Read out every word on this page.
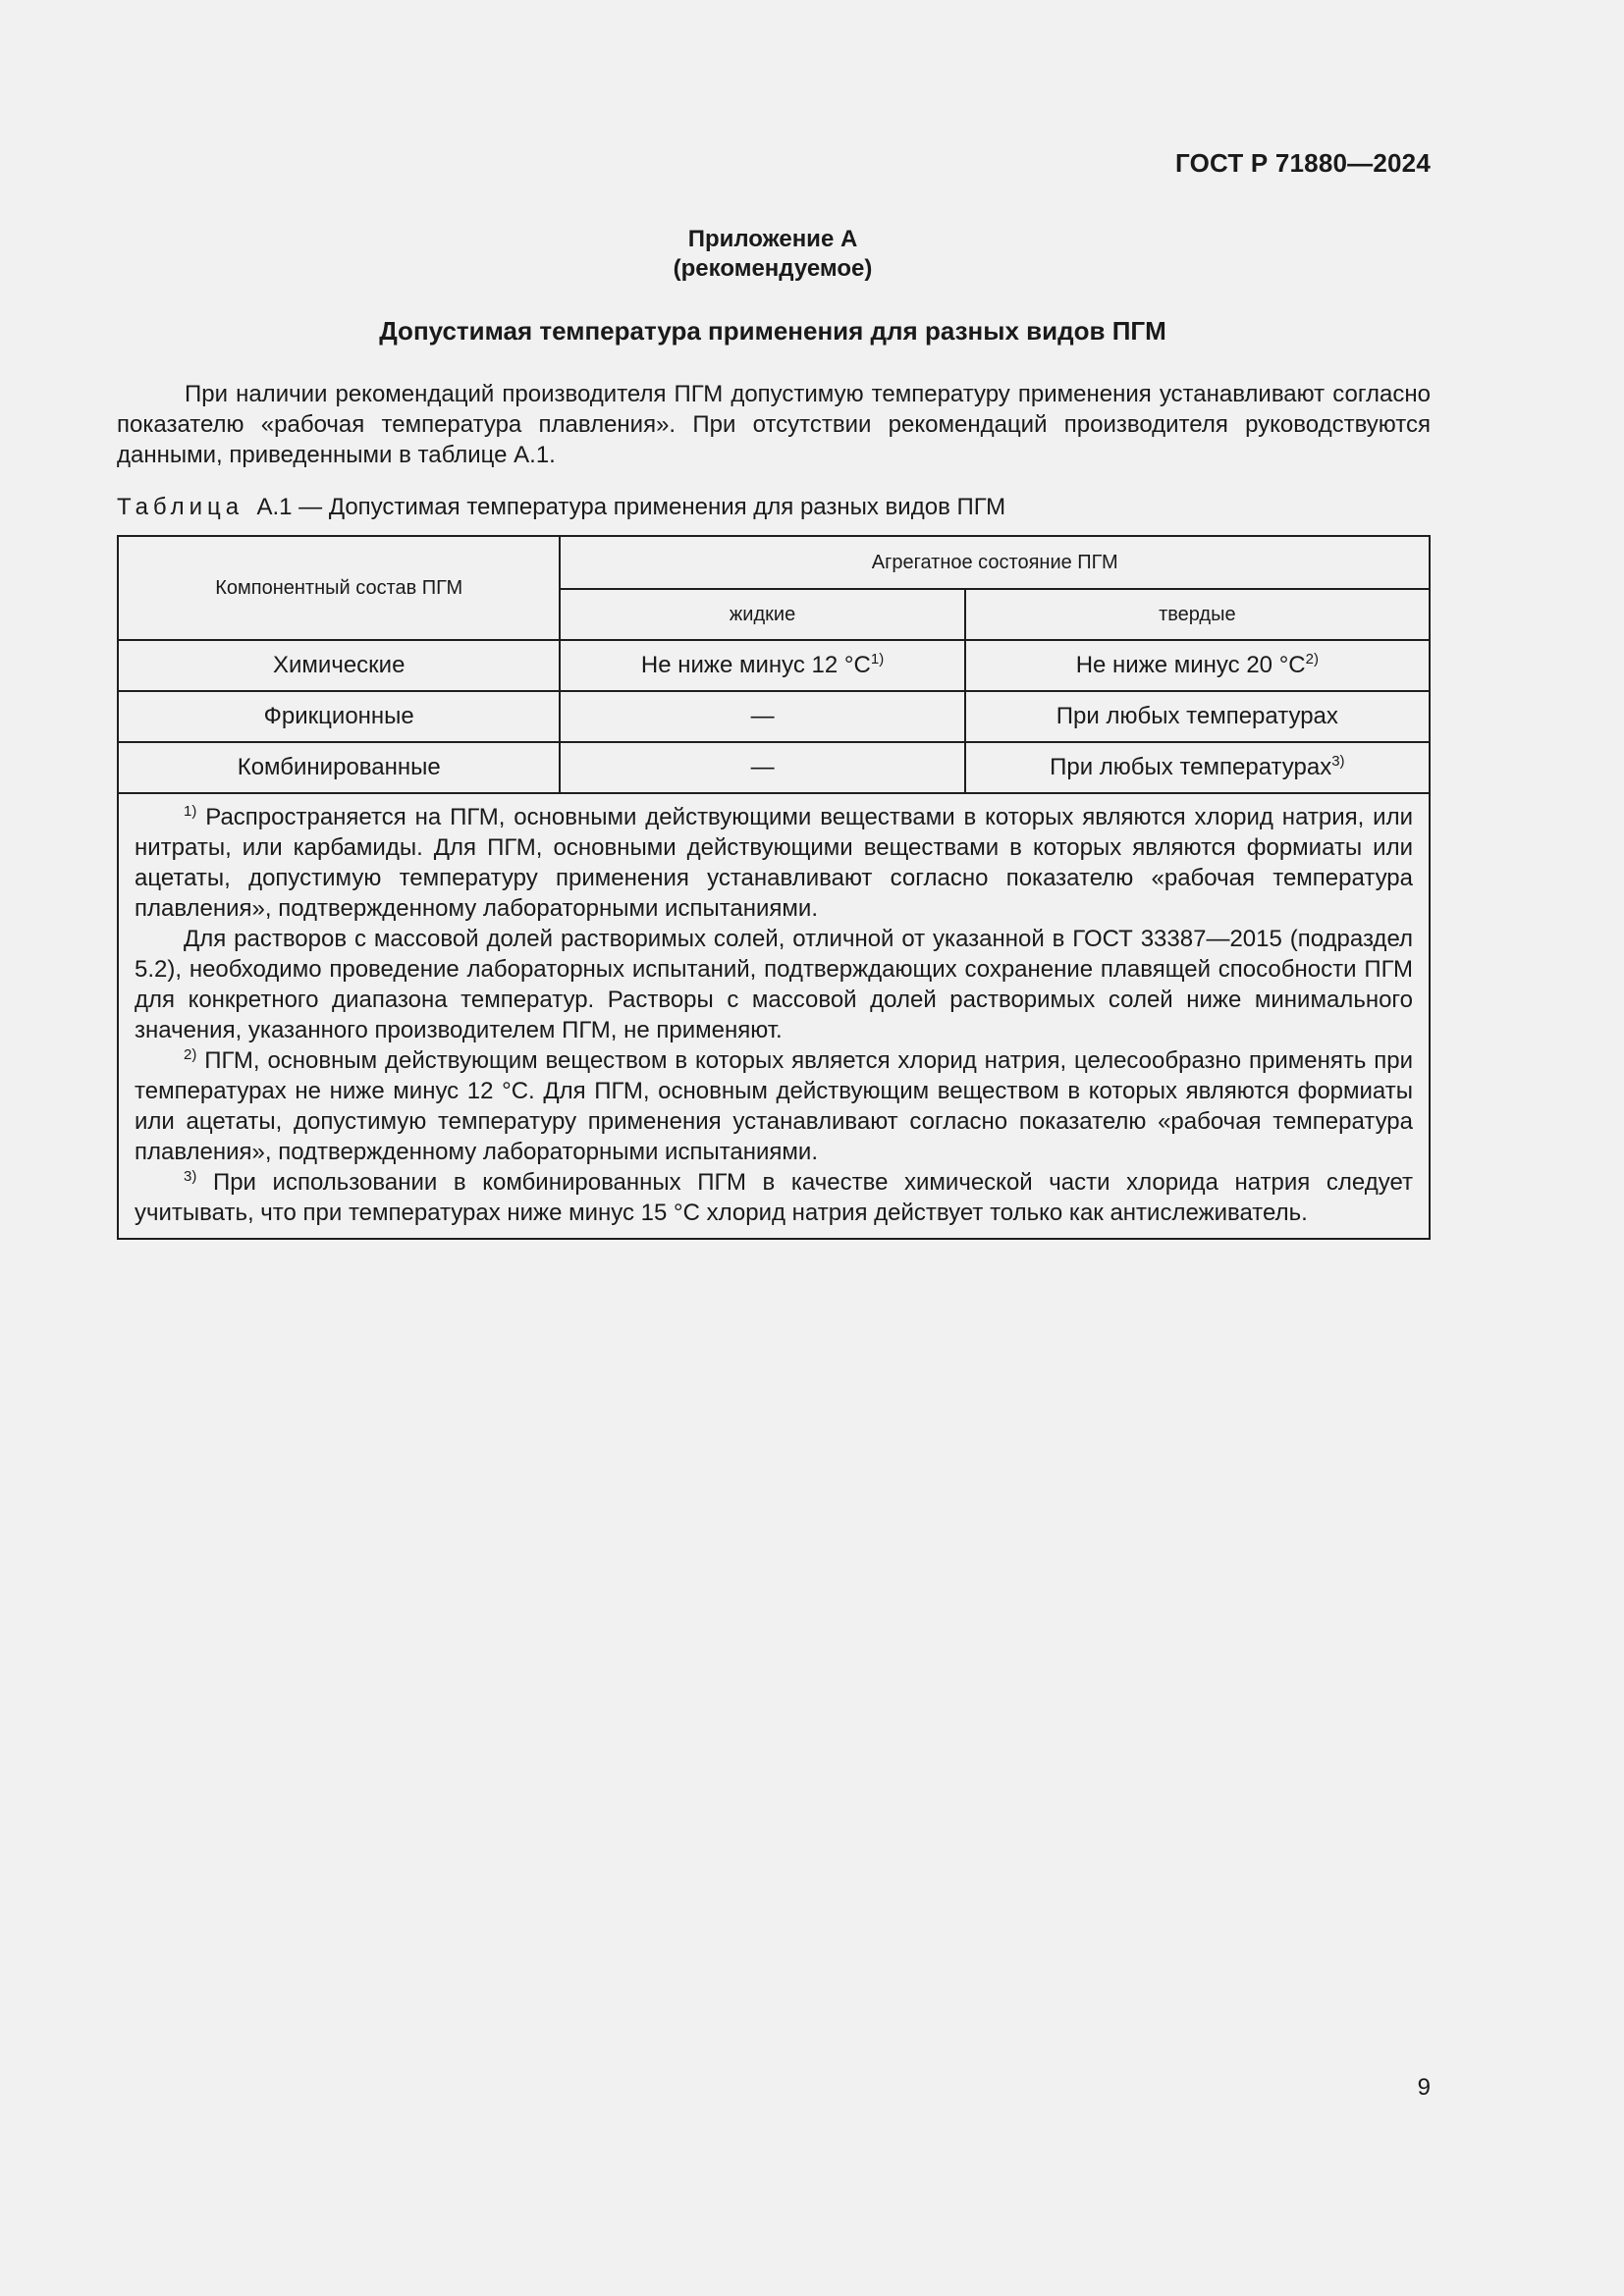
ГОСТ Р 71880—2024
Приложение А
(рекомендуемое)
Допустимая температура применения для разных видов ПГМ

При наличии рекомендаций производителя ПГМ допустимую температуру применения устанавливают согласно показателю «рабочая температура плавления». При отсутствии рекомендаций производителя руководствуются данными, приведенными в таблице А.1.

Таблица А.1 — Допустимая температура применения для разных видов ПГМ
Компонентный состав ПГМ	Агрегатное состояние ПГМ	
	жидкие	твердые
Химические	Не ниже минус 12 $^\circ С^{1)}$	Не ниже минус 20 $^\circ С^{2)}$
Фрикционные	—	При любых температурах
Комбинированные	—	При любых температурах$^{3)}$

$^{1)}$ Распространяется на ПГМ, основными действующими веществами в которых являются хлорид натрия, или нитраты, или карбамиды. Для ПГМ, основными действующими веществами в которых являются формиаты или ацетаты, допустимую температуру применения устанавливают согласно показателю «рабочая температура плавления», подтвержденному лабораторными испытаниями.

Для растворов с массовой долей растворимых солей, отличной от указанной в ГОСТ 33387—2015 (подраздел 5.2), необходимо проведение лабораторных испытаний, подтверждающих сохранение плавящей способности ПГМ для конкретного диапазона температур. Растворы с массовой долей растворимых солей ниже минимального значения, указанного производителем ПГМ, не применяют.

$^{2)}$ ПГМ, основным действующим веществом в которых является хлорид натрия, целесообразно применять при температурах не ниже минус 12 °С. Для ПГМ, основным действующим веществом в которых являются формиаты или ацетаты, допустимую температуру применения устанавливают согласно показателю «рабочая температура плавления», подтвержденному лабораторными испытаниями.

$^{3)}$ При использовании в комбинированных ПГМ в качестве химической части хлорида натрия следует учитывать, что при температурах ниже минус 15 °С хлорид натрия действует только как антислеживатель.		

9
